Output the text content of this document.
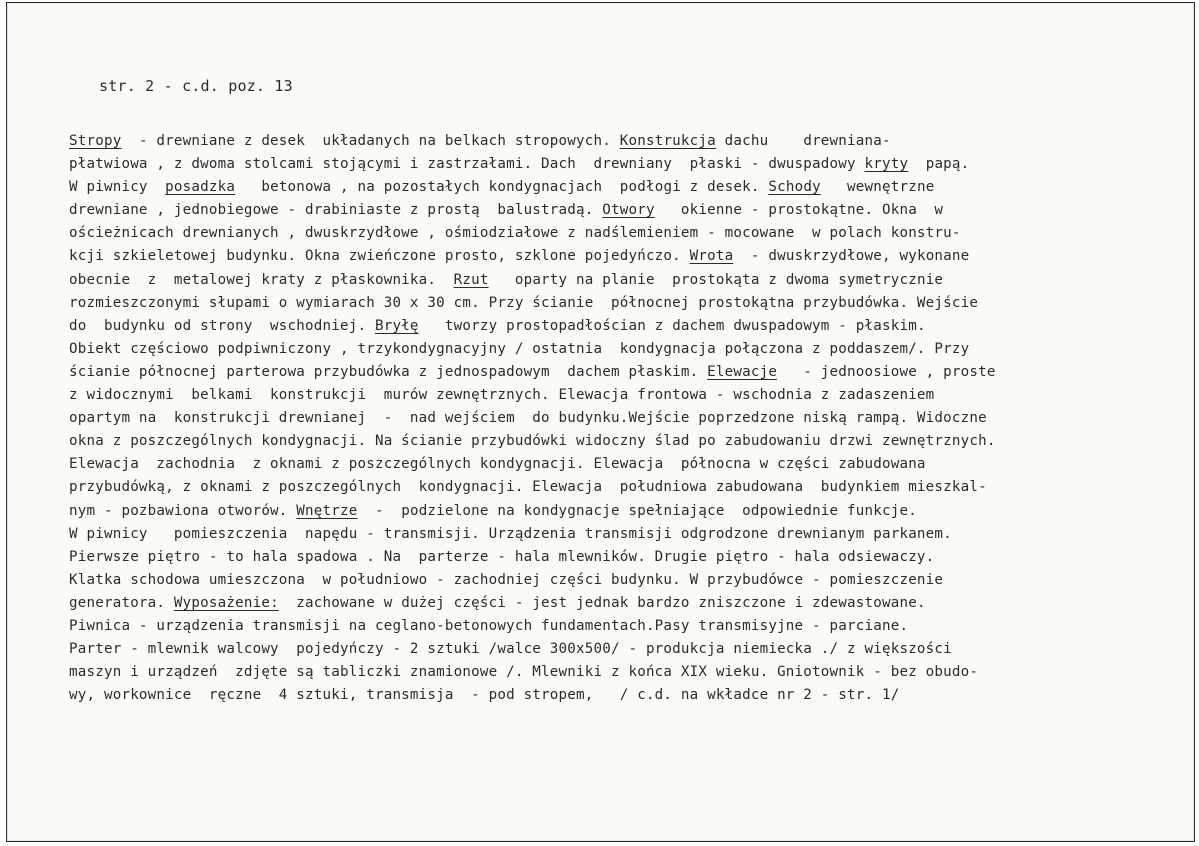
str. 2 - c.d. poz. 13
Stropy  - drewniane z desek  układanych na belkach stropowych. Konstrukcja dachu    drewniana-
płatwiowa , z dwoma stolcami stojącymi i zastrzałami. Dach  drewniany  płaski - dwuspadowy kryty  papą.
W piwnicy  posadzka   betonowa , na pozostałych kondygnacjach  podłogi z desek. Schody   wewnętrzne
drewniane , jednobiegowe - drabiniaste z prostą  balustradą. Otwory   okienne - prostokątne. Okna  w
ościeżnicach drewnianych , dwuskrzydłowe , ośmiodziałowe z nadślemieniem - mocowane  w polach konstru-
kcji szkieletowej budynku. Okna zwieńczone prosto, szklone pojedyńczo. Wrota  - dwuskrzydłowe, wykonane
obecnie  z  metalowej kraty z płaskownika.  Rzut   oparty na planie  prostokąta z dwoma symetrycznie
rozmieszczonymi słupami o wymiarach 30 x 30 cm. Przy ścianie  północnej prostokątna przybudówka. Wejście
do  budynku od strony  wschodniej. Bryłę   tworzy prostopadłościan z dachem dwuspadowym - płaskim.
Obiekt częściowo podpiwniczony , trzykondygnacyjny / ostatnia  kondygnacja połączona z poddaszem/. Przy
ścianie północnej parterowa przybudówka z jednospadowym  dachem płaskim. Elewacje   - jednoosiowe , proste
z widocznymi  belkami  konstrukcji  murów zewnętrznych. Elewacja frontowa - wschodnia z zadaszeniem
opartym na  konstrukcji drewnianej  -  nad wejściem  do budynku.Wejście poprzedzone niską rampą. Widoczne
okna z poszczególnych kondygnacji. Na ścianie przybudówki widoczny ślad po zabudowaniu drzwi zewnętrznych.
Elewacja  zachodnia  z oknami z poszczególnych kondygnacji. Elewacja  północna w części zabudowana
przybudówką, z oknami z poszczególnych  kondygnacji. Elewacja  południowa zabudowana  budynkiem mieszkal-
nym - pozbawiona otworów. Wnętrze  -  podzielone na kondygnacje spełniające  odpowiednie funkcje.
W piwnicy   pomieszczenia  napędu - transmisji. Urządzenia transmisji odgrodzone drewnianym parkanem.
Pierwsze piętro - to hala spadowa . Na  parterze - hala mlewników. Drugie piętro - hala odsiewaczy.
Klatka schodowa umieszczona  w południowo - zachodniej części budynku. W przybudówce - pomieszczenie
generatora. Wyposażenie:  zachowane w dużej części - jest jednak bardzo zniszczone i zdewastowane.
Piwnica - urządzenia transmisji na ceglano-betonowych fundamentach.Pasy transmisyjne - parciane.
Parter - mlewnik walcowy  pojedyńczy - 2 sztuki /walce 300x500/ - produkcja niemiecka ./ z większości
maszyn i urządzeń  zdjęte są tabliczki znamionowe /. Mlewniki z końca XIX wieku. Gniotownik - bez obudo-
wy, workownice  ręczne  4 sztuki, transmisja  - pod stropem,   / c.d. na wkładce nr 2 - str. 1/
